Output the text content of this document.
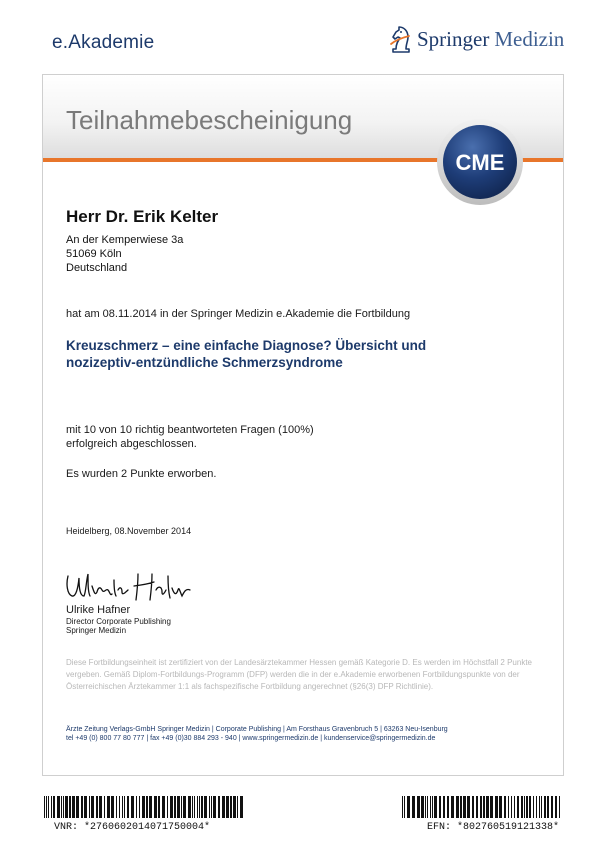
e.Akademie	Springer Medizin
Teilnahmebescheinigung
CME
Herr Dr. Erik Kelter
An der Kemperwiese 3a
51069 Köln
Deutschland
hat am 08.11.2014 in der Springer Medizin e.Akademie die Fortbildung
Kreuzschmerz – eine einfache Diagnose? Übersicht und
nozizeptiv-entzündliche Schmerzsyndrome
mit 10 von 10 richtig beantworteten Fragen (100%)
erfolgreich abgeschlossen.
Es wurden 2 Punkte erworben.
Heidelberg, 08.November 2014
Ulrike Hafner
Director Corporate Publishing
Springer Medizin
Diese Fortbildungseinheit ist zertifiziert von der Landesärztekammer Hessen gemäß Kategorie D. Es werden im Höchstfall 2 Punkte
vergeben. Gemäß Diplom-Fortbildungs-Programm (DFP) werden die in der e.Akademie erworbenen Fortbildungspunkte von der
Österreichischen Ärztekammer 1:1 als fachspezifische Fortbildung angerechnet (§26(3) DFP Richtlinie).
Ärzte Zeitung Verlags-GmbH Springer Medizin | Corporate Publishing | Am Forsthaus Gravenbruch 5 | 63263 Neu-Isenburg
tel +49 (0) 800 77 80 777 | fax +49 (0)30 884 293 - 940 | www.springermedizin.de | kundenservice@springermedizin.de
VNR: *2760602014071750004*	EFN: *802760519121338*
